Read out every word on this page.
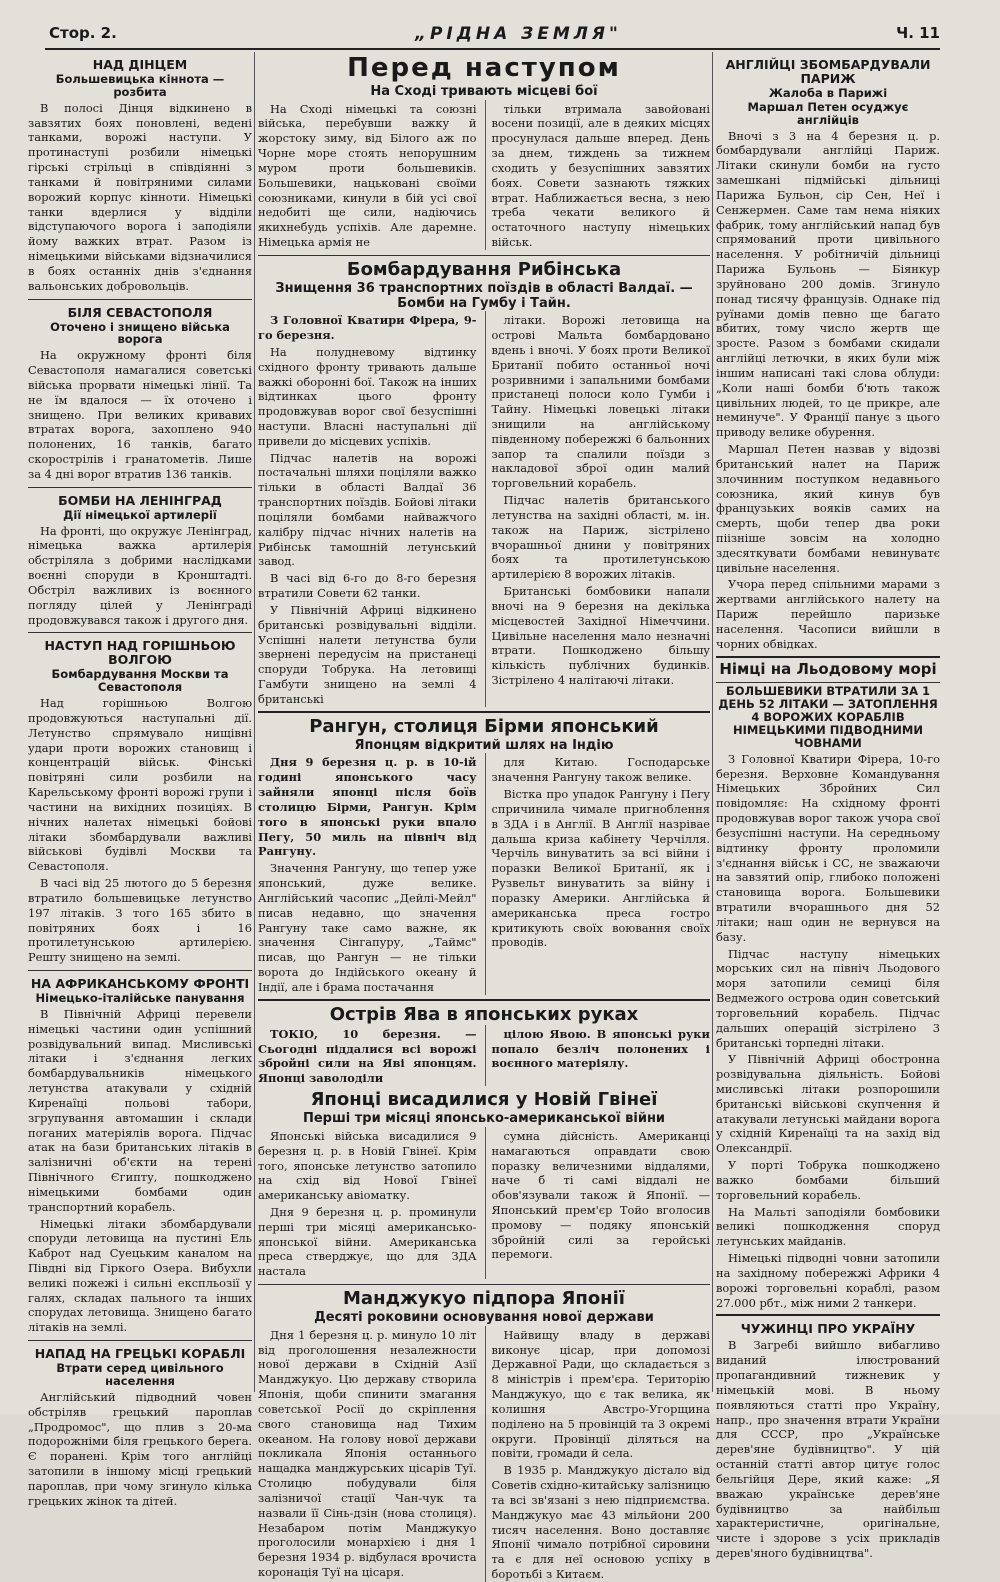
Стор. 2.	„РІДНА ЗЕМЛЯ"	Ч. 11

НАД ДІНЦЕМ

Большевицька кіннота — розбита

В полосі Дінця відкинено в завзятих боях поновлені, ведені танками, ворожі наступи. У протинаступі розбили німецькі гірські стрільці в співдіянні з танками й повітряними силами ворожий корпус кінноти. Німецькі танки вдерлися у відділи відступаючого ворога і заподіяли йому важких втрат. Разом із німецькими військами відзначилися в боях останніх днів з'єднання вальонських добровольців.

БІЛЯ СЕВАСТОПОЛЯ

Оточено і знищено війська ворога

На окружному фронті біля Севастополя намагалися советські війська прорвати німецькі лінії. Та не їм вдалося — їх оточено і знищено. При великих кривавих втратах ворога, захоплено 940 полонених, 16 танків, багато скорострілів і гранатометів. Лише за 4 дні ворог втратив 136 танків.

БОМБИ НА ЛЕНІНГРАД

Дії німецької артилерії

На фронті, що окружує Ленінград, німецька важка артилерія обстріляла з добрими наслідками воєнні споруди в Кронштадті. Обстріл важливих із воєнного погляду цілей у Ленінграді продовжувався також і другого дня.

НАСТУП НАД ГОРІШНЬОЮ ВОЛГОЮ

Бомбардування Москви та Севастополя

Над горішньою Волгою продовжуються наступальні дії. Летунство спрямувало нищівні удари проти ворожих становищ і концентрацій військ. Фінські повітряні сили розбили на Карельському фронті ворожі групи і частини на вихідних позиціях. В нічних налетах німецькі бойові літаки збомбардували важливі військові будівлі Москви та Севастополя.

В часі від 25 лютого до 5 березня втратило большевицьке летунство 197 літаків. З того 165 збито в повітряних боях і 16 протилетунською артилерією. Решту знищено на землі.

НА АФРИКАНСЬКОМУ ФРОНТІ

Німецько-італійське панування

В Північній Африці перевели німецькі частини один успішний розвідувальний випад. Мисливські літаки і з'єднання легких бомбардувальників німецького летунства атакували у східній Киренаїці польові табори, згрупування автомашин і склади поганих матеріялів ворога. Підчас атак на бази британських літаків в залізничні об'єкти на терені Північного Єгипту, пошкоджено німецькими бомбами один транспортний корабель.

Німецькі літаки збомбардували споруди летовища на пустині Ель Каброт над Суецьким каналом на Півдні від Гіркого Озера. Вибухли великі пожежі і сильні експльозії у галях, складах пального та інших спорудах летовища. Знищено багато літаків на землі.

НАПАД НА ГРЕЦЬКІ КОРАБЛІ

Втрати серед цивільного населення

Англійський підводний човен обстріляв грецький пароплав „Продромос", що плив з 20-ма подорожніми біля грецького берега. Є поранені. Крім того англійці затопили в іншому місці грецький пароплав, при чому згинуло кілька грецьких жінок та дітей.

Перед наступом

На Сході тривають місцеві бої

На Сході німецькі та союзні війська, перебувши важку й жорстоку зиму, від Білого аж по Чорне море стоять непорушним муром проти большевиків. Большевики, нацьковані своїми союзниками, кинули в бій усі свої недобиті ще сили, надіючись якихнебудь успіхів. Але даремне. Німецька армія не

тільки втримала завойовані восени позиції, але в деяких місцях просунулася дальше вперед. День за днем, тиждень за тижнем сходить у безуспішних завзятих боях. Совети зазнають тяжких втрат. Наближається весна, з нею треба чекати великого й остаточного наступу німецьких військ.

Бомбардування Рибінська

Знищення 36 транспортних поїздів в області Валдаї. — Бомби на Гумбу і Тайн.

З Головної Кватири Фірера, 9-го березня.

На полудневому відтинку східного фронту тривають дальше важкі оборонні бої. Також на інших відтинках цього фронту продовжував ворог свої безуспішні наступи. Власні наступальні дії привели до місцевих успіхів.

Підчас налетів на ворожі постачальні шляхи поціляли важко тільки в області Валдаї 36 транспортних поїздів. Бойові літаки поціляли бомбами найважчого калібру підчас нічних налетів на Рибінськ тамошній летунський завод.

В часі від 6-го до 8-го березня втратили Совети 62 танки.

У Північній Африці відкинено британські розвідувальні відділи. Успішні налети летунства були звернені передусім на пристанеці споруди Тобрука. На летовищі Гамбути знищено на землі 4 британські

літаки. Ворожі летовища на острові Мальта бомбардовано вдень і вночі. У боях проти Великої Британії побито останньої ночі розривними і запальними бомбами пристанеці полоси коло Гумби і Тайну. Німецькі ловецькі літаки знищили на англійському південному побережжі 6 бальонних запор та спалили поїзди з накладової зброї один малий торговельний корабель.

Підчас налетів британського летунства на західні області, м. ін. також на Париж, зістрілено вчорашньої днини у повітряних боях та протилетунською артилерією 8 ворожих літаків.

Британські бомбовики напали вночі на 9 березня на декілька місцевостей Західної Німеччини. Цивільне населення мало незначні втрати. Пошкоджено більшу кількість публічних будинків. Зістрілено 4 налітаючі літаки.

Рангун, столиця Бірми японський

Японцям відкритий шлях на Індію

Дня 9 березня ц. р. в 10-ій годині японського часу зайняли японці після боїв столицю Бірми, Рангун. Крім того в японські руки впало Пегу, 50 миль на північ від Рангуну.

Значення Рангуну, що тепер уже японський, дуже велике. Англійський часопис „Дейлі-Мейл" писав недавно, що значення Рангуну таке само важне, як значення Сінгапуру, „Таймс" писав, що Рангун — не тільки ворота до Індійського океану й Індії, але і брама постачання

для Китаю. Господарське значення Рангуну також велике.

Вістка про упадок Рангуну і Пегу спричинила чимале пригноблення в ЗДА і в Англії. В Англії назрівае дальша криза кабінету Черчілля. Черчіль винуватить за всі війни і поразки Великої Британії, як і Рузвельт винуватить за війну і поразку Америки. Англійська й американська преса гостро критикують своїх воювання своїх проводів.

Острів Ява в японських руках

ТОКІО, 10 березня. — Сьогодні піддалися всі ворожі збройні сили на Яві японцям. Японці заволоділи

цілою Явою. В японські руки попало безліч полонених і воєнного матеріялу.

Японці висадилися у Новій Гвінеї

Перші три місяці японсько-американської війни

Японські війська висадилися 9 березня ц. р. в Новій Гвінеї. Крім того, японське летунство затопило на схід від Нової Гвінеї американську авіоматку.

Дня 9 березня ц. р. проминули перші три місяці американсько-японської війни. Американська преса стверджує, що для ЗДА настала

сумна дійсність. Американці намагаються оправдати свою поразку величезними віддалями, наче б ті самі віддалі не обов'язували також й Японії. — Японський прем'єр Тойо вголосив промову — подяку японській збройній силі за геройські перемоги.

Манджукуо підпора Японії

Десяті роковини основування нової держави

Дня 1 березня ц. р. минуло 10 літ від проголошення незалежности нової держави в Східній Азії Манджукуо. Цю державу створила Японія, щоби спинити змагання советської Росії до скріплення свого становища над Тихим океаном. На голову нової держави покликала Японія останнього нащадка манджурських цісарів Туї. Столицю побудували біля залізничої стації Чан-чук та назвали її Сінь-дзін (нова столиця). Незабаром потім Манджукуо проголосили монархією і дня 1 березня 1934 р. відбулася врочиста коронація Туї на цісаря.

Найвищу владу в державі виконує цісар, при допомозі Державної Ради, що складається з 8 міністрів і прем'єра. Територію Манджукуо, що є так велика, як колишня Австро-Угорщина поділено на 5 провінцій та 3 окремі округи. Провінції діляться на повіти, громади й села.

В 1935 р. Манджукуо дістало від Советів східно-китайську залізницю та всі зв'язані з нею підприємства. Манджукуо має 43 мільйони 200 тисяч населення. Воно доставляє Японії чимало потрібної сировини та є для неї основою успіху в боротьбі з Китаєм.

АНГЛІЙЦІ ЗБОМБАРДУВАЛИ ПАРИЖ

Жалоба в Парижі

Маршал Петен осуджує англійців

Вночі з 3 на 4 березня ц. р. бомбардували англійці Париж. Літаки скинули бомби на густо замешкані підмійські дільниці Парижа Бульон, сір Сен, Неї і Сенжермен. Саме там нема ніяких фабрик, тому англійський напад був спрямований проти цивільного населення. У робітничій дільниці Парижа Бульонь — Біянкур зруйновано 200 домів. Згинуло понад тисячу французів. Однаке під руїнами домів певно ще багато вбитих, тому число жертв ще зросте. Разом з бомбами скидали англійці летючки, в яких були між іншим написані такі слова облуди: „Коли наші бомби б'ють також цивільних людей, то це прикре, але неминуче". У Франції панує з цього приводу велике обурення.

Маршал Петен назвав у відозві британський налет на Париж злочинним поступком недавнього союзника, який кинув був французьких вояків самих на смерть, щоби тепер два роки піізніше зовсім на холодно здесяткувати бомбами невинуватє цивільне населення.

Учора перед спільними марами з жертвами англійського налету на Париж перейшло паризьке населення. Часописи вийшли в чорних обвідках.

Німці на Льодовому морі

БОЛЬШЕВИКИ ВТРАТИЛИ ЗА 1 ДЕНЬ 52 ЛІТАКИ — ЗАТОПЛЕННЯ 4 ВОРОЖИХ КОРАБЛІВ НІМЕЦЬКИМИ ПІДВОДНИМИ ЧОВНАМИ

З Головної Кватири Фірера, 10-го березня. Верховне Командування Німецьких Збройних Сил повідомляє: На східному фронті продовжував ворог також учора свої безуспішні наступи. На середньому відтинку фронту проломили з'єднання військ і СС, не зважаючи на завзятий опір, глибоко положені становища ворога. Большевики втратили вчорашнього дня 52 літаки; наш один не вернувся на базу.

Підчас наступу німецьких морських сил на північ Льодового моря затопили семиці біля Ведмежого острова один советський торговельний корабель. Підчас дальших операцій зістрілено 3 британські торпедні літаки.

У Північній Африці обостронна розвідувальна діяльність. Бойові мисливські літаки розпорошили британські військові скупчення й атакували летунські майдани ворога у східній Киренаїці та на захід від Олександрії.

У порті Тобрука пошкоджено важко бомбами більший торговельний корабель.

На Мальті заподіяли бомбовики великі пошкодження споруд летунських майданів.

Німецькі підводні човни затопили на західному побережжі Африки 4 ворожі торговельні кораблі, разом 27.000 рбт., між ними 2 танкери.

ЧУЖИНЦІ ПРО УКРАЇНУ

В Загребі вийшло вибагливо виданий ілюстрований пропагандивний тижневик у німецькій мові. В ньому появляються статті про Україну, напр., про значення втрати України для СССР, про „Українське дерев'яне будівництво". У цій останній статті автор цитує голос бельгійця Дере, який каже: „Я вважаю українське дерев'яне будівництво за найбільш характеристичне, оригінальне, чисте і здорове з усіх прикладів дерев'яного будівництва".
